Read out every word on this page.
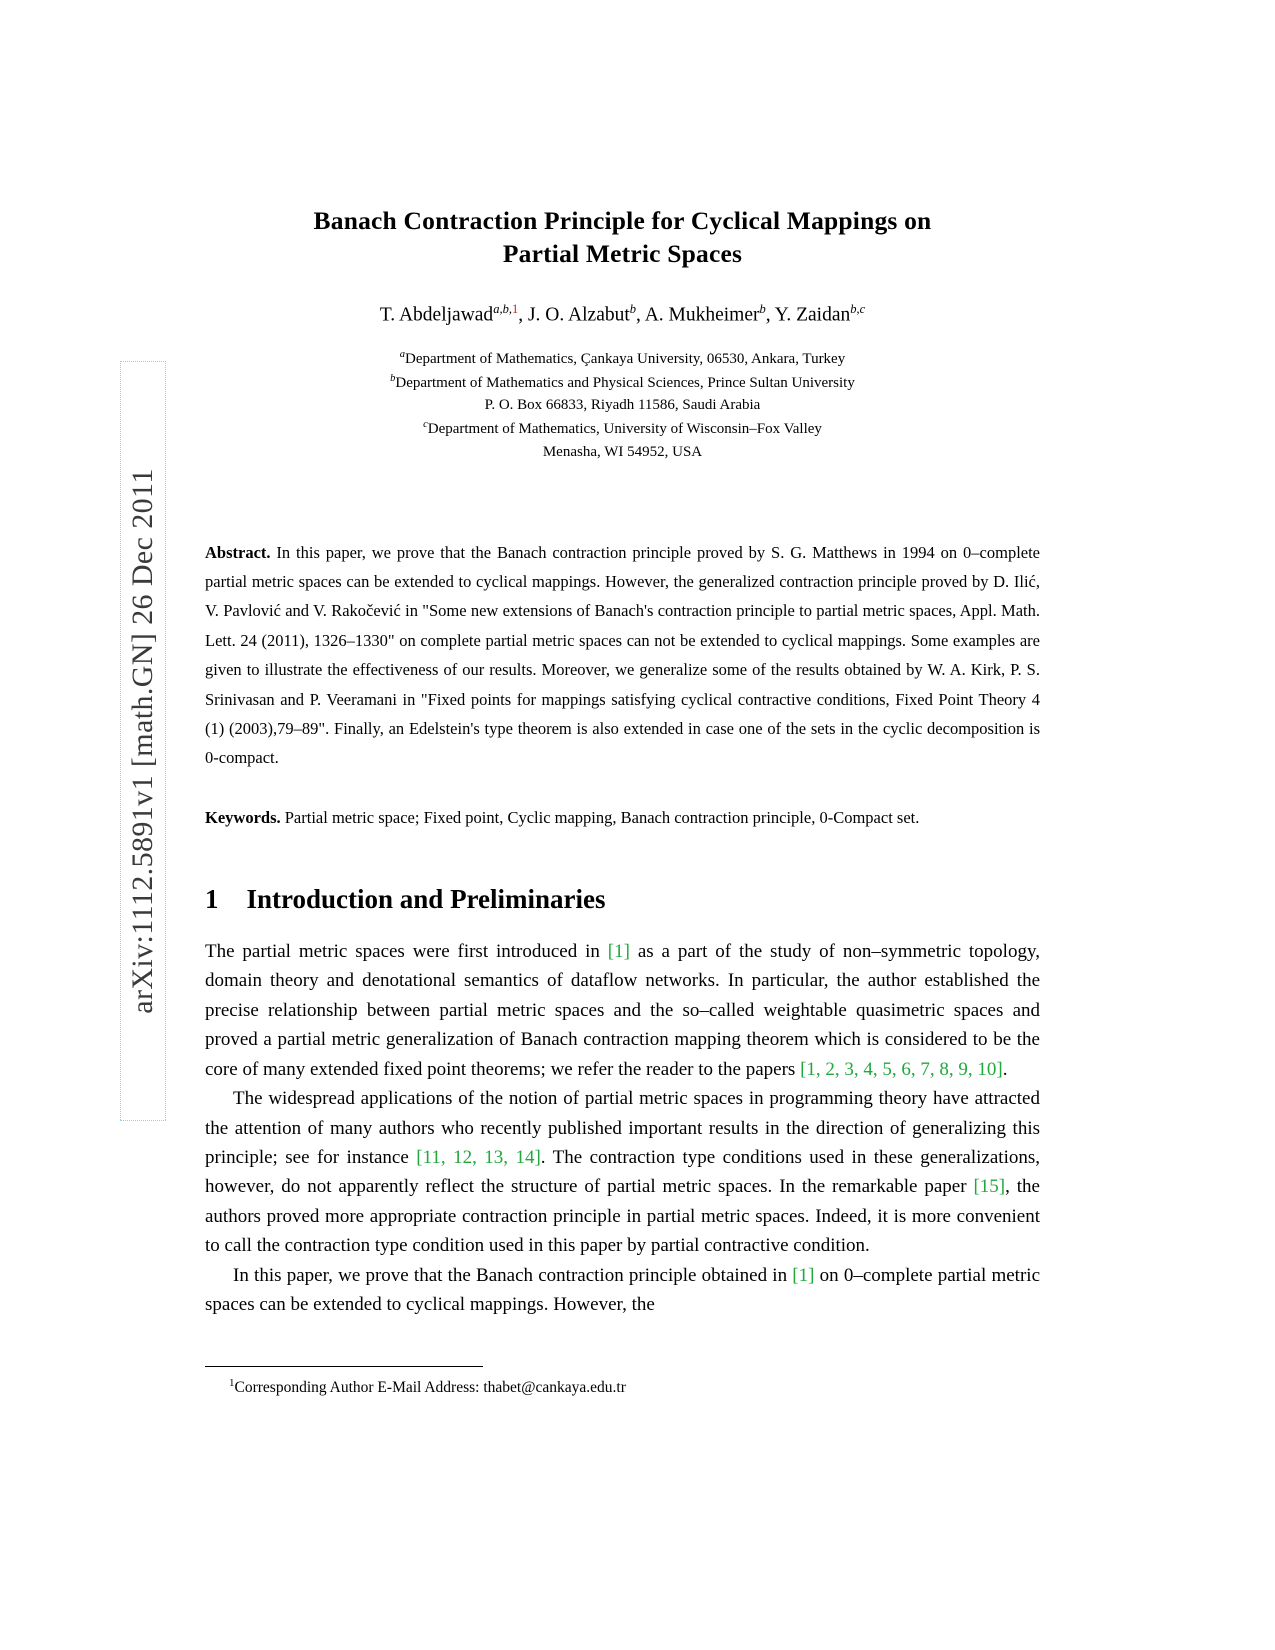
arXiv:1112.5891v1 [math.GN] 26 Dec 2011
Banach Contraction Principle for Cyclical Mappings on
Partial Metric Spaces
T. Abdeljawad$^{a,b,1}$, J. O. Alzabut$^b$, A. Mukheimer$^b$, Y. Zaidan$^{b,c}$
$^a$Department of Mathematics, Çankaya University, 06530, Ankara, Turkey
$^b$Department of Mathematics and Physical Sciences, Prince Sultan University
P. O. Box 66833, Riyadh 11586, Saudi Arabia
$^c$Department of Mathematics, University of Wisconsin–Fox Valley
Menasha, WI 54952, USA
Abstract. In this paper, we prove that the Banach contraction principle proved by S. G. Matthews in 1994 on 0–complete partial metric spaces can be extended to cyclical mappings. However, the generalized contraction principle proved by D. Ilić, V. Pavlović and V. Rakočević in "Some new extensions of Banach's contraction principle to partial metric spaces, Appl. Math. Lett. 24 (2011), 1326–1330" on complete partial metric spaces can not be extended to cyclical mappings. Some examples are given to illustrate the effectiveness of our results. Moreover, we generalize some of the results obtained by W. A. Kirk, P. S. Srinivasan and P. Veeramani in "Fixed points for mappings satisfying cyclical contractive conditions, Fixed Point Theory 4 (1) (2003),79–89". Finally, an Edelstein's type theorem is also extended in case one of the sets in the cyclic decomposition is 0-compact.
Keywords. Partial metric space; Fixed point, Cyclic mapping, Banach contraction principle, 0-Compact set.
1 Introduction and Preliminaries

The partial metric spaces were first introduced in [1] as a part of the study of non–symmetric topology, domain theory and denotational semantics of dataflow networks. In particular, the author established the precise relationship between partial metric spaces and the so–called weightable quasimetric spaces and proved a partial metric generalization of Banach contraction mapping theorem which is considered to be the core of many extended fixed point theorems; we refer the reader to the papers [1, 2, 3, 4, 5, 6, 7, 8, 9, 10].

The widespread applications of the notion of partial metric spaces in programming theory have attracted the attention of many authors who recently published important results in the direction of generalizing this principle; see for instance [11, 12, 13, 14]. The contraction type conditions used in these generalizations, however, do not apparently reflect the structure of partial metric spaces. In the remarkable paper [15], the authors proved more appropriate contraction principle in partial metric spaces. Indeed, it is more convenient to call the contraction type condition used in this paper by partial contractive condition.

In this paper, we prove that the Banach contraction principle obtained in [1] on 0–complete partial metric spaces can be extended to cyclical mappings. However, the

$^1$Corresponding Author E-Mail Address: thabet@cankaya.edu.tr
